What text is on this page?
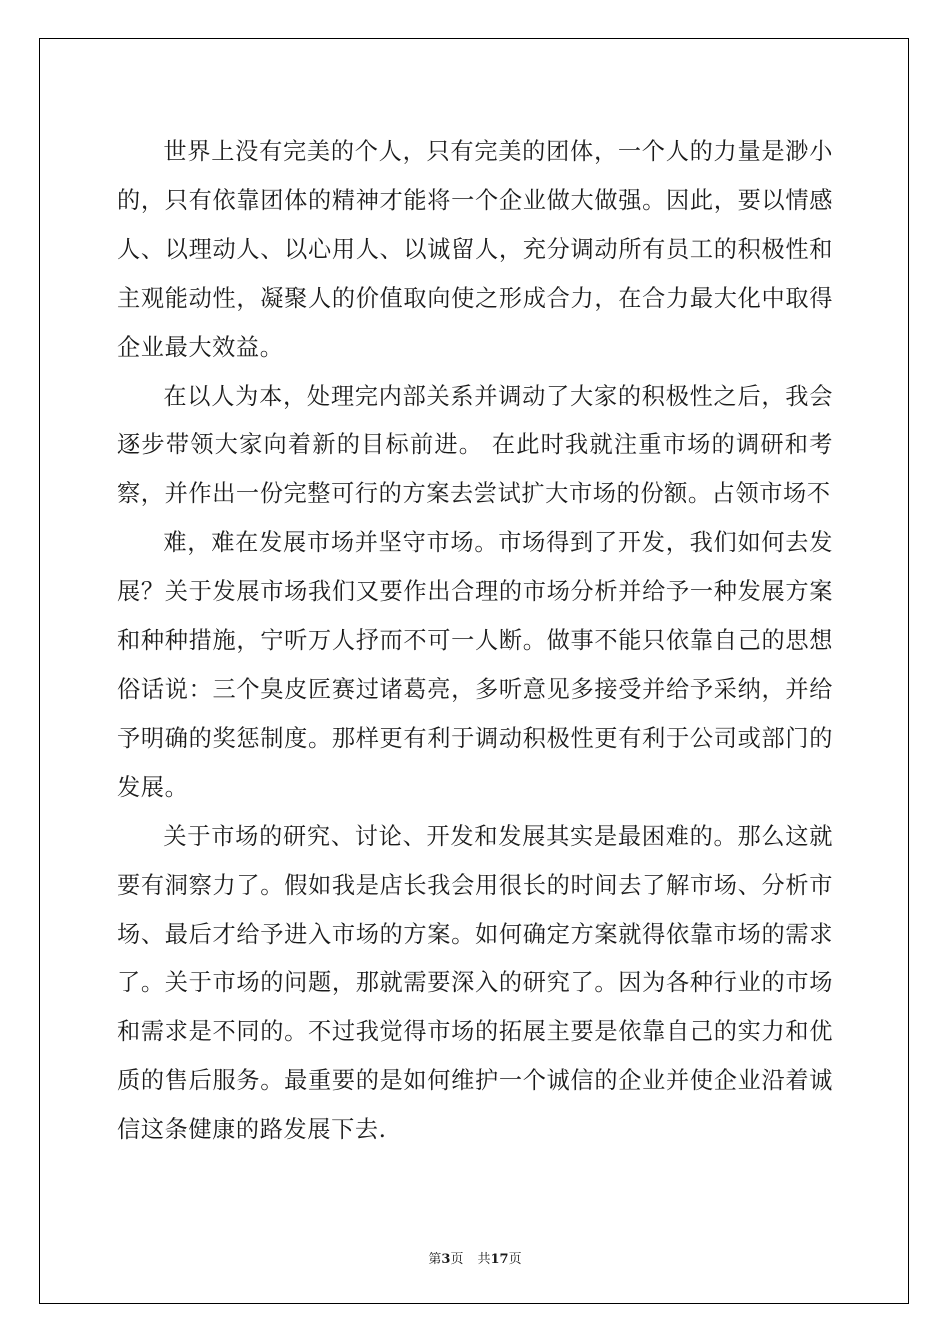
世界上没有完美的个人，只有完美的团体，一个人的力量是渺小的，只有依靠团体的精神才能将一个企业做大做强。因此，要以情感人、以理动人、以心用人、以诚留人，充分调动所有员工的积极性和主观能动性，凝聚人的价值取向使之形成合力，在合力最大化中取得企业最大效益。

在以人为本，处理完内部关系并调动了大家的积极性之后，我会逐步带领大家向着新的目标前进。 在此时我就注重市场的调研和考察，并作出一份完整可行的方案去尝试扩大市场的份额。占领市场不

难，难在发展市场并坚守市场。市场得到了开发，我们如何去发展？关于发展市场我们又要作出合理的市场分析并给予一种发展方案和种种措施，宁听万人抒而不可一人断。做事不能只依靠自己的思想俗话说：三个臭皮匠赛过诸葛亮，多听意见多接受并给予采纳，并给予明确的奖惩制度。那样更有利于调动积极性更有利于公司或部门的发展。

关于市场的研究、讨论、开发和发展其实是最困难的。那么这就要有洞察力了。假如我是店长我会用很长的时间去了解市场、分析市场、最后才给予进入市场的方案。如何确定方案就得依靠市场的需求了。关于市场的问题，那就需要深入的研究了。因为各种行业的市场和需求是不同的。不过我觉得市场的拓展主要是依靠自己的实力和优质的售后服务。最重要的是如何维护一个诚信的企业并使企业沿着诚信这条健康的路发展下去.

第3页 共17页
